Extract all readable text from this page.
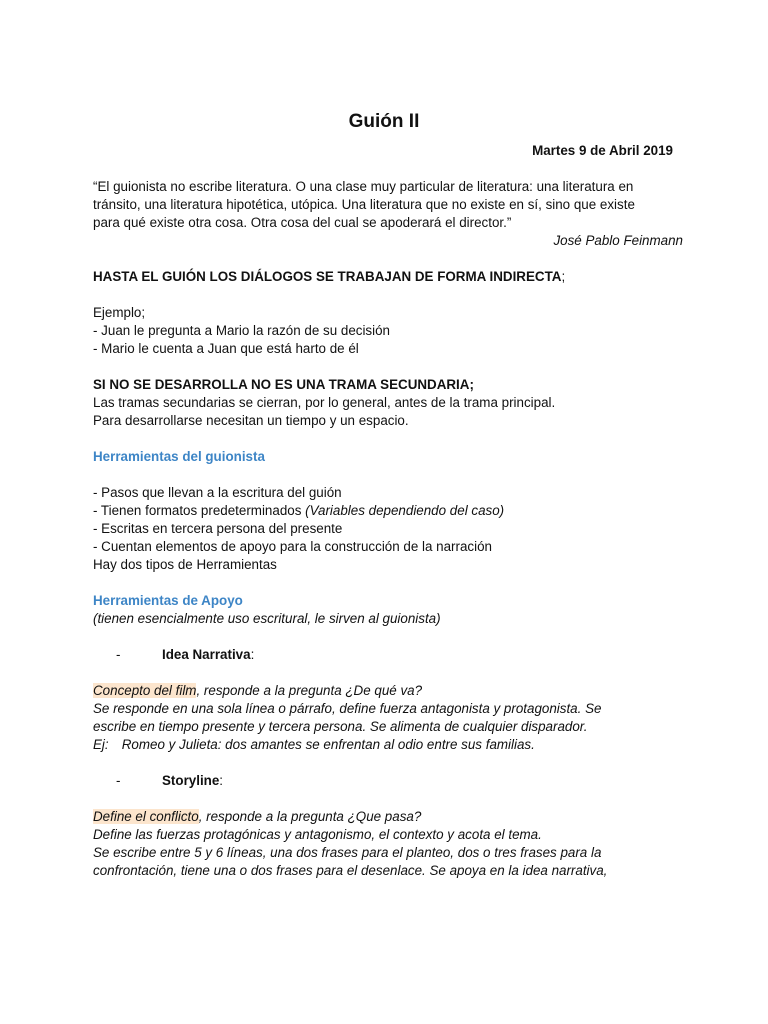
Guión II
Martes 9 de Abril 2019

“El guionista no escribe literatura. O una clase muy particular de literatura: una literatura en

tránsito, una literatura hipotética, utópica. Una literatura que no existe en sí, sino que existe

para qué existe otra cosa. Otra cosa del cual se apoderará el director.”

José Pablo Feinmann

HASTA EL GUIÓN LOS DIÁLOGOS SE TRABAJAN DE FORMA INDIRECTA;

Ejemplo;

- Juan le pregunta a Mario la razón de su decisión

- Mario le cuenta a Juan que está harto de él

SI NO SE DESARROLLA NO ES UNA TRAMA SECUNDARIA;

Las tramas secundarias se cierran, por lo general, antes de la trama principal.

Para desarrollarse necesitan un tiempo y un espacio.

Herramientas del guionista

- Pasos que llevan a la escritura del guión

- Tienen formatos predeterminados (Variables dependiendo del caso)

- Escritas en tercera persona del presente

- Cuentan elementos de apoyo para la construcción de la narración

Hay dos tipos de Herramientas

Herramientas de Apoyo

(tienen esencialmente uso escritural, le sirven al guionista)

-	Idea Narrativa:

Concepto del film, responde a la pregunta ¿De qué va?

Se responde en una sola línea o párrafo, define fuerza antagonista y protagonista. Se

escribe en tiempo presente y tercera persona. Se alimenta de cualquier disparador.

Ej: Romeo y Julieta: dos amantes se enfrentan al odio entre sus familias.

-	Storyline:

Define el conflicto, responde a la pregunta ¿Que pasa?

Define las fuerzas protagónicas y antagonismo, el contexto y acota el tema.

Se escribe entre 5 y 6 líneas, una dos frases para el planteo, dos o tres frases para la

confrontación, tiene una o dos frases para el desenlace. Se apoya en la idea narrativa,
